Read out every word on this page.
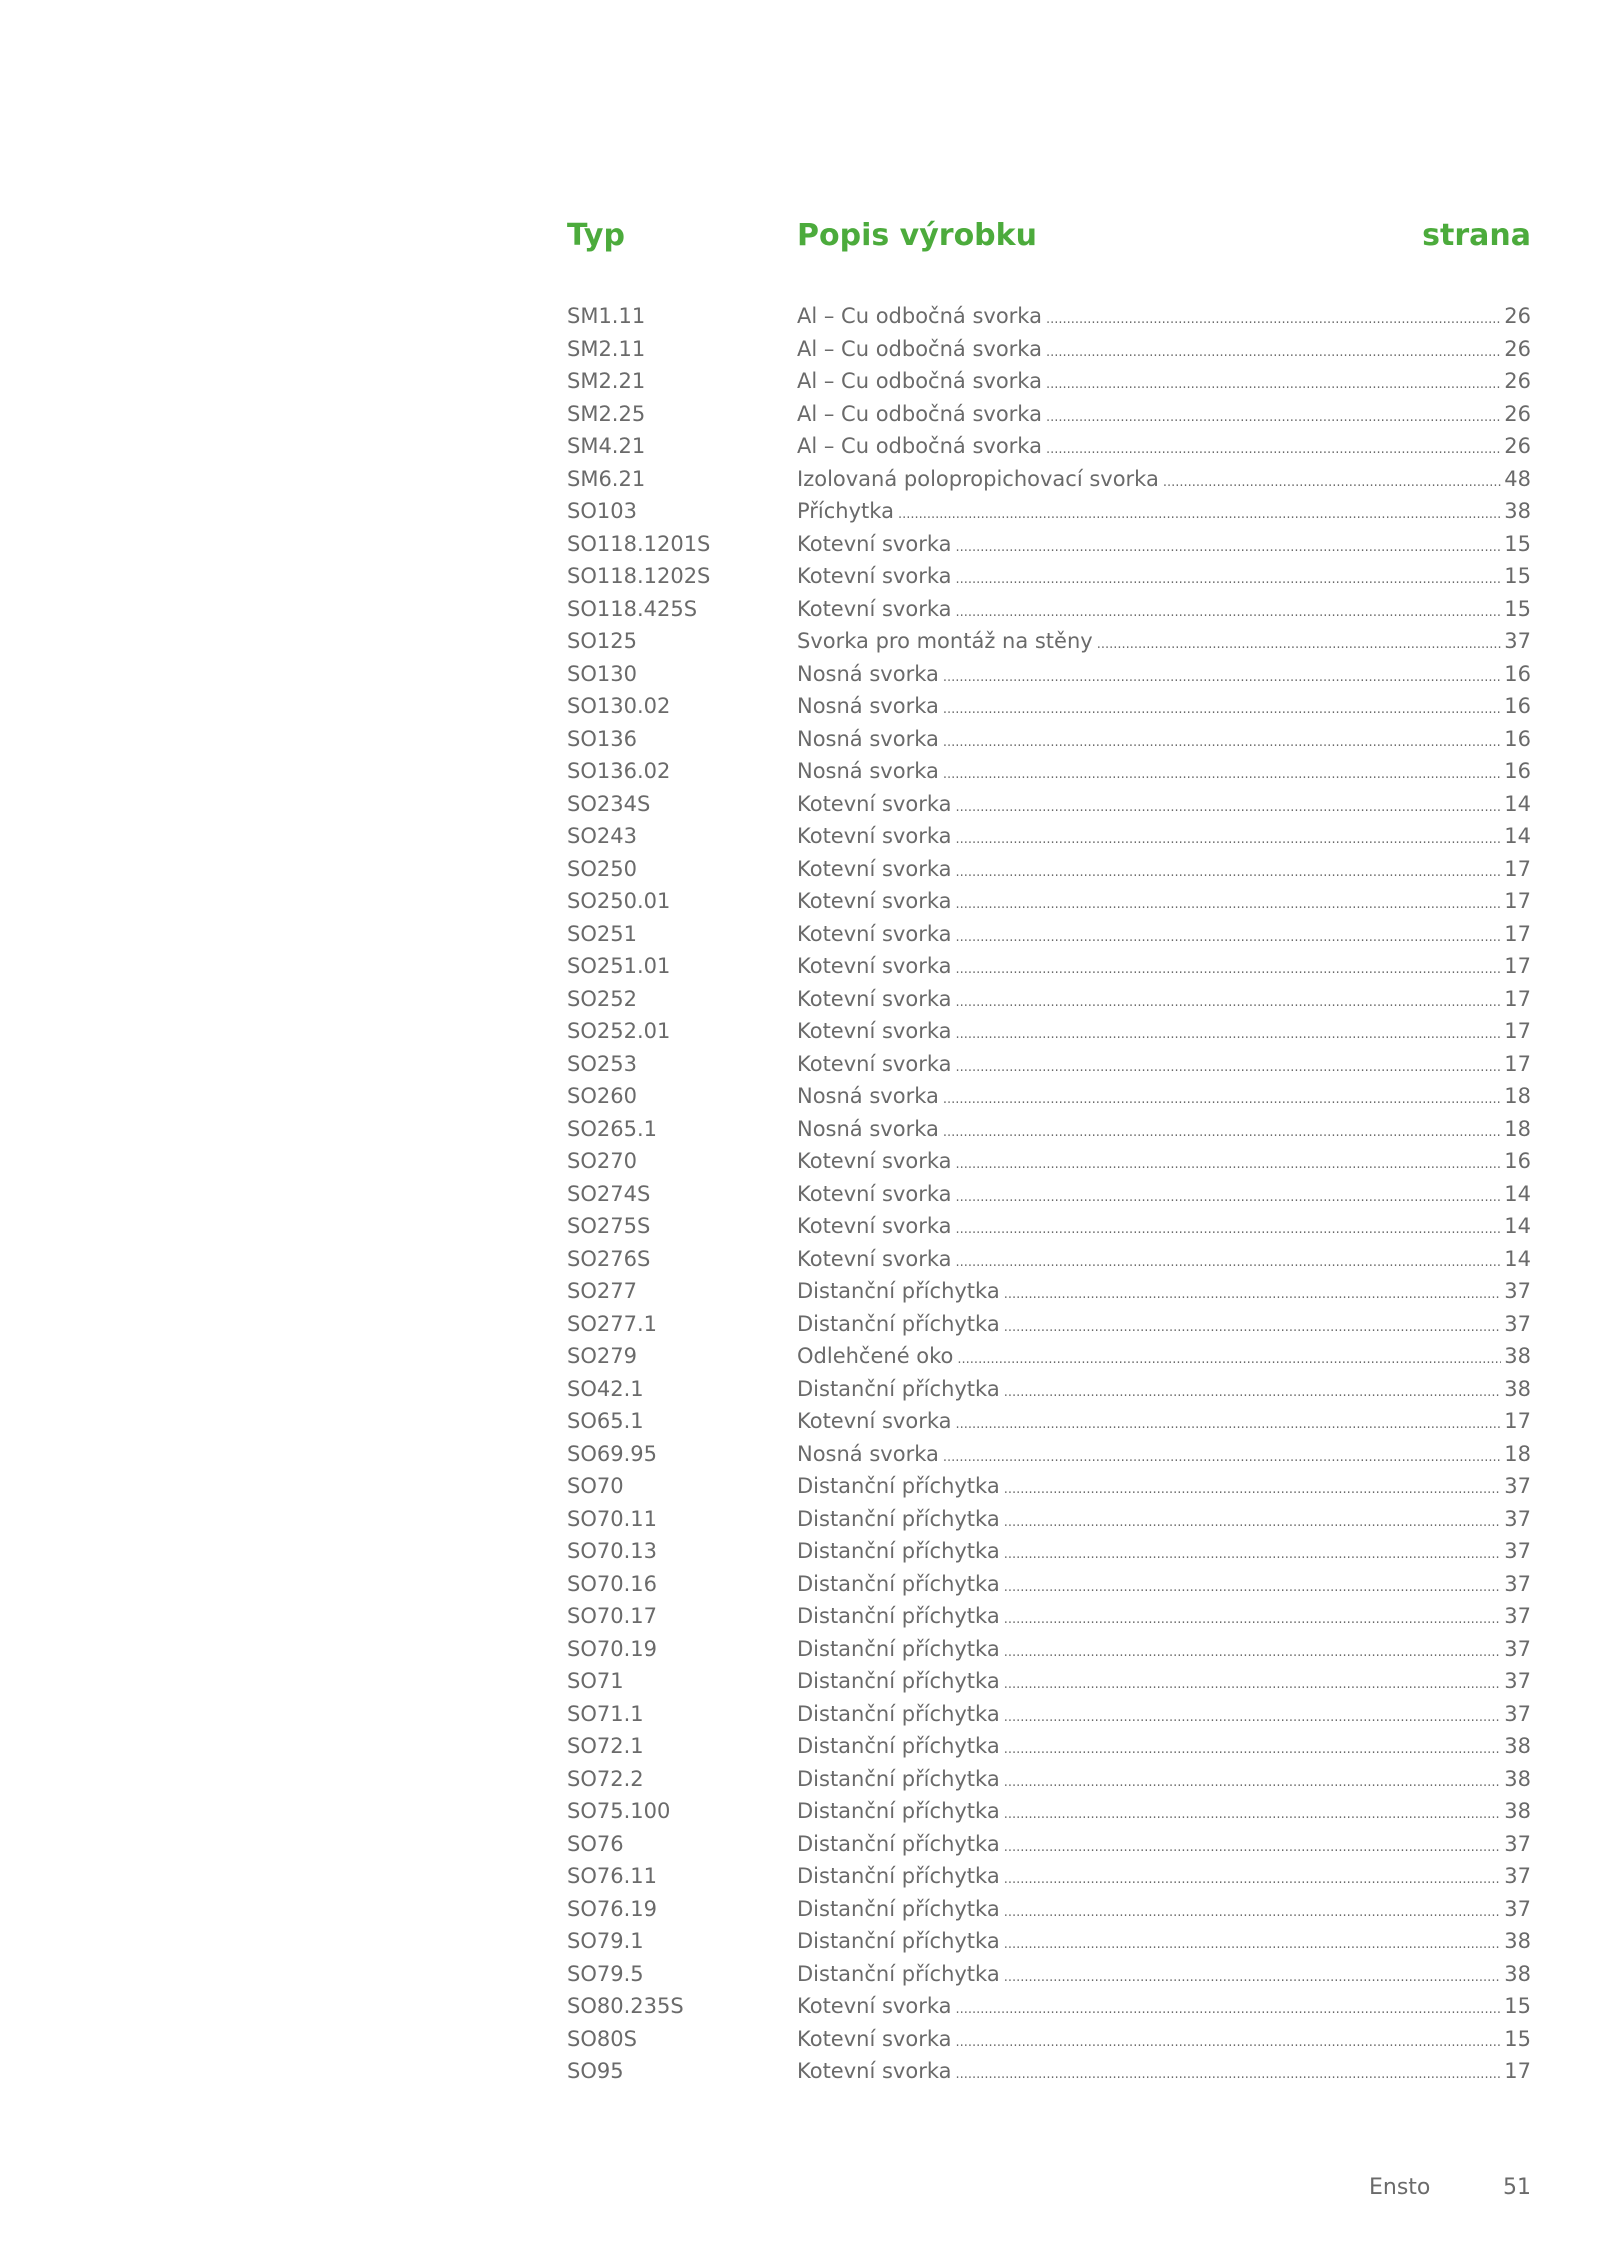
Typ	Popis výrobku	strana
SM1.11	Al – Cu odbočná svorka .....	26
SM2.11	Al – Cu odbočná svorka .....	26
SM2.21	Al – Cu odbočná svorka .....	26
SM2.25	Al – Cu odbočná svorka .....	26
SM4.21	Al – Cu odbočná svorka .....	26
SM6.21	Izolovaná polopropichovací svorka .....	48
SO103	Příchytka .....	38
SO118.1201S	Kotevní svorka .....	15
SO118.1202S	Kotevní svorka .....	15
SO118.425S	Kotevní svorka .....	15
SO125	Svorka pro montáž na stěny .....	37
SO130	Nosná svorka .....	16
SO130.02	Nosná svorka .....	16
SO136	Nosná svorka .....	16
SO136.02	Nosná svorka .....	16
SO234S	Kotevní svorka .....	14
SO243	Kotevní svorka .....	14
SO250	Kotevní svorka .....	17
SO250.01	Kotevní svorka .....	17
SO251	Kotevní svorka .....	17
SO251.01	Kotevní svorka .....	17
SO252	Kotevní svorka .....	17
SO252.01	Kotevní svorka .....	17
SO253	Kotevní svorka .....	17
SO260	Nosná svorka .....	18
SO265.1	Nosná svorka .....	18
SO270	Kotevní svorka .....	16
SO274S	Kotevní svorka .....	14
SO275S	Kotevní svorka .....	14
SO276S	Kotevní svorka .....	14
SO277	Distanční příchytka .....	37
SO277.1	Distanční příchytka .....	37
SO279	Odlehčené oko .....	38
SO42.1	Distanční příchytka .....	38
SO65.1	Kotevní svorka .....	17
SO69.95	Nosná svorka .....	18
SO70	Distanční příchytka .....	37
SO70.11	Distanční příchytka .....	37
SO70.13	Distanční příchytka .....	37
SO70.16	Distanční příchytka .....	37
SO70.17	Distanční příchytka .....	37
SO70.19	Distanční příchytka .....	37
SO71	Distanční příchytka .....	37
SO71.1	Distanční příchytka .....	37
SO72.1	Distanční příchytka .....	38
SO72.2	Distanční příchytka .....	38
SO75.100	Distanční příchytka .....	38
SO76	Distanční příchytka .....	37
SO76.11	Distanční příchytka .....	37
SO76.19	Distanční příchytka .....	37
SO79.1	Distanční příchytka .....	38
SO79.5	Distanční příchytka .....	38
SO80.235S	Kotevní svorka .....	15
SO80S	Kotevní svorka .....	15
SO95	Kotevní svorka .....	17
Ensto	51
